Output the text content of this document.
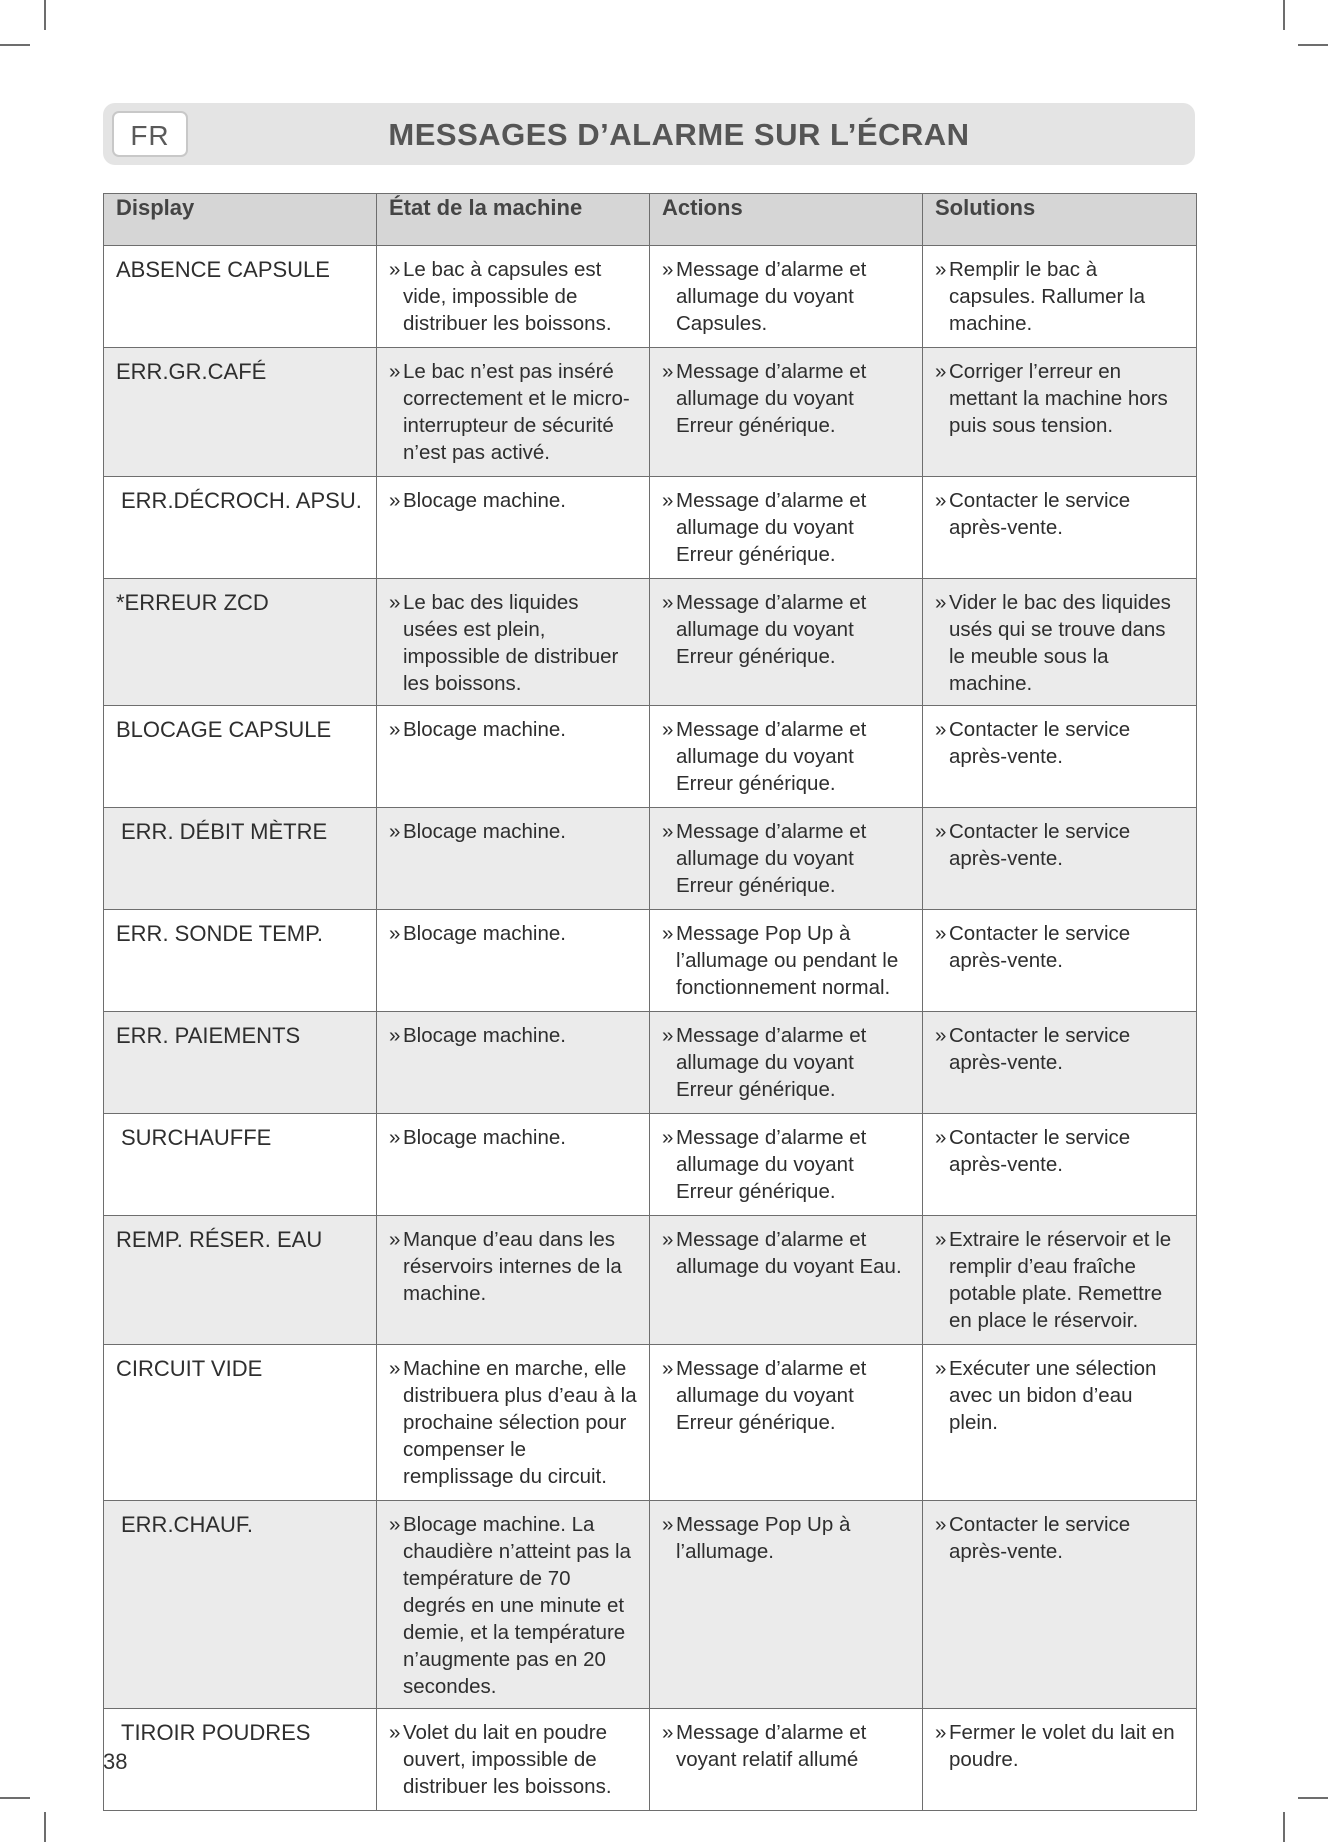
FR	MESSAGES D’ALARME SUR L’ÉCRAN
Display	État de la machine	Actions	Solutions
ABSENCE CAPSULE	» Le bac à capsules est vide, impossible de distribuer les boissons.	» Message d’alarme et allumage du voyant Capsules.	» Remplir le bac à capsules. Rallumer la machine.

ERR.GR.CAFÉ	» Le bac n’est pas inséré correctement et le micro-interrupteur de sécurité n’est pas activé.	» Message d’alarme et allumage du voyant Erreur générique.	» Corriger l’erreur en mettant la machine hors puis sous tension.

ERR.DÉCROCH. APSU.	» Blocage machine.	» Message d’alarme et allumage du voyant Erreur générique.	» Contacter le service après-vente.

*ERREUR ZCD	» Le bac des liquides usées est plein, impossible de distribuer les boissons.	» Message d’alarme et allumage du voyant Erreur générique.	» Vider le bac des liquides usés qui se trouve dans le meuble sous la machine.

BLOCAGE CAPSULE	» Blocage machine.	» Message d’alarme et allumage du voyant Erreur générique.	» Contacter le service après-vente.

ERR. DÉBIT MÈTRE	» Blocage machine.	» Message d’alarme et allumage du voyant Erreur générique.	» Contacter le service après-vente.

ERR. SONDE TEMP.	» Blocage machine.	» Message Pop Up à l’allumage ou pendant le fonctionnement normal.	» Contacter le service après-vente.

ERR. PAIEMENTS	» Blocage machine.	» Message d’alarme et allumage du voyant Erreur générique.	» Contacter le service après-vente.

SURCHAUFFE	» Blocage machine.	» Message d’alarme et allumage du voyant Erreur générique.	» Contacter le service après-vente.

REMP. RÉSER. EAU	» Manque d’eau dans les réservoirs internes de la machine.	» Message d’alarme et allumage du voyant Eau.	» Extraire le réservoir et le remplir d’eau fraîche potable plate. Remettre en place le réservoir.

CIRCUIT VIDE	» Machine en marche, elle distribuera plus d’eau à la prochaine sélection pour compenser le remplissage du circuit.	» Message d’alarme et allumage du voyant Erreur générique.	» Exécuter une sélection avec un bidon d’eau plein.

ERR.CHAUF.	» Blocage machine. La chaudière n’atteint pas la température de 70 degrés en une minute et demie, et la température n’augmente pas en 20 secondes.	» Message Pop Up à l’allumage.	» Contacter le service après-vente.

TIROIR POUDRES	» Volet du lait en poudre ouvert, impossible de distribuer les boissons.	» Message d’alarme et voyant relatif allumé	» Fermer le volet du lait en poudre.
38
